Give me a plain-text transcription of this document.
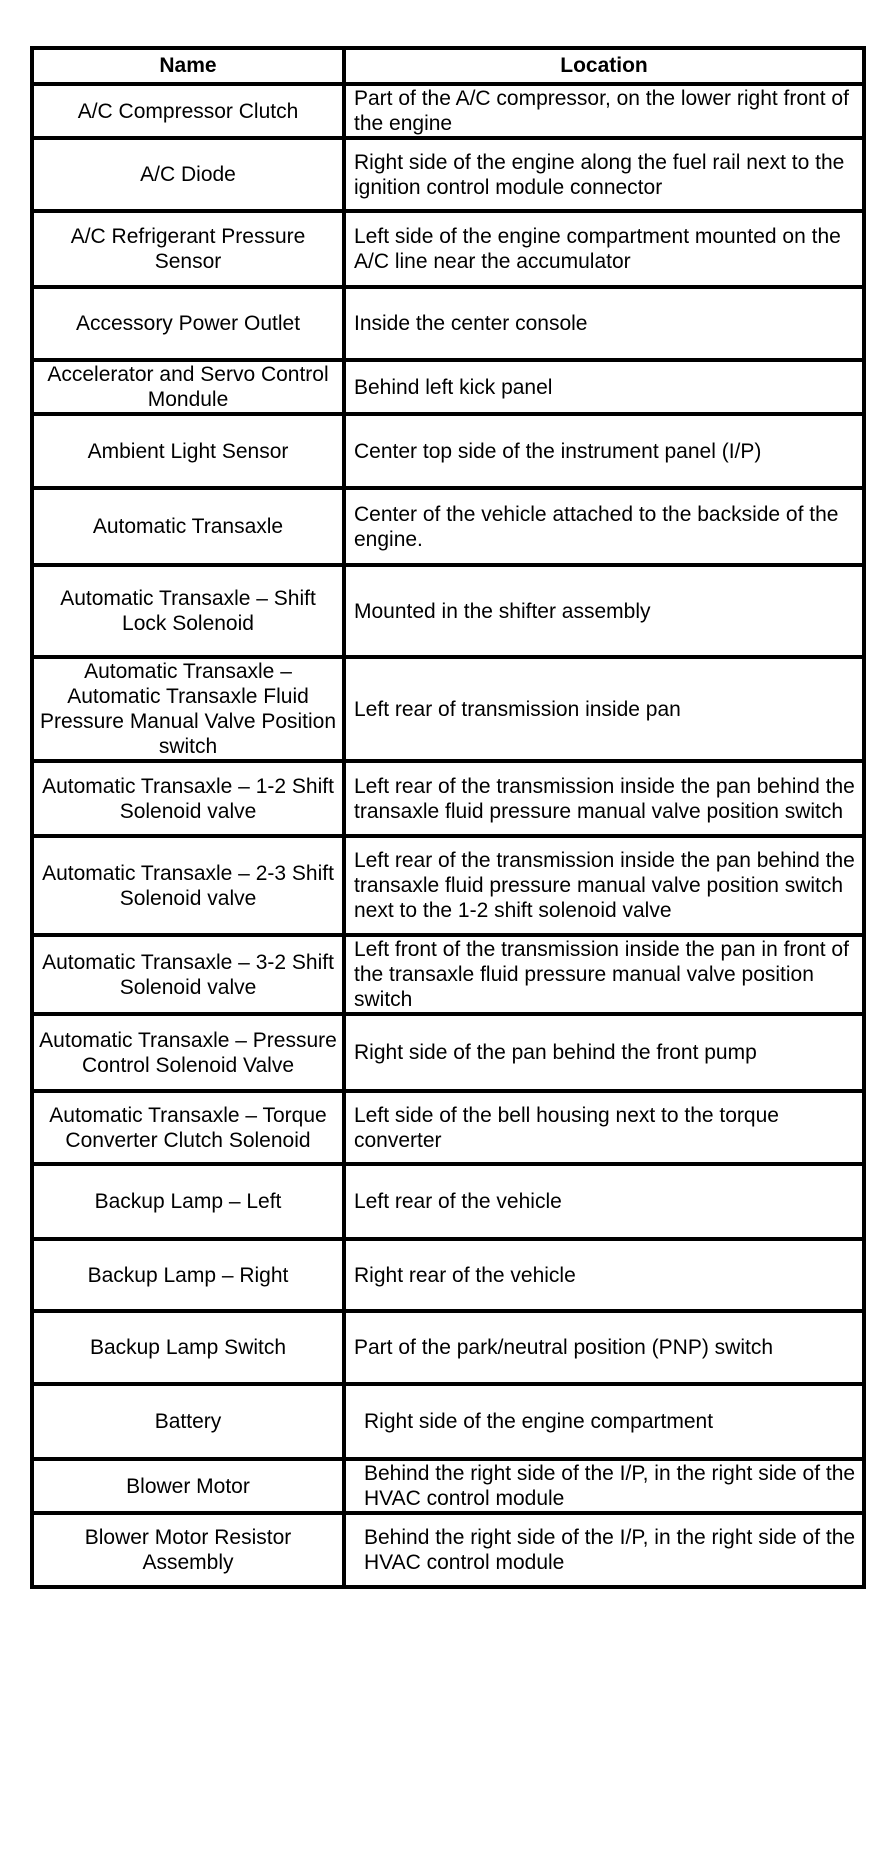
Name	Location
A/C Compressor Clutch	Part of the A/C compressor, on the lower right front of the engine
A/C Diode	Right side of the engine along the fuel rail next to the ignition control module connector
A/C Refrigerant Pressure Sensor	Left side of the engine compartment mounted on the A/C line near the accumulator
Accessory Power Outlet	Inside the center console
Accelerator and Servo Control Mondule	Behind left kick panel
Ambient Light Sensor	Center top side of the instrument panel (I/P)
Automatic Transaxle	Center of the vehicle attached to the backside of the engine.
Automatic Transaxle – Shift Lock Solenoid	Mounted in the shifter assembly
Automatic Transaxle – Automatic Transaxle Fluid Pressure Manual Valve Position switch	Left rear of transmission inside pan
Automatic Transaxle – 1-2 Shift Solenoid valve	Left rear of the transmission inside the pan behind the transaxle fluid pressure manual valve position switch
Automatic Transaxle – 2-3 Shift Solenoid valve	Left rear of the transmission inside the pan behind the transaxle fluid pressure manual valve position switch next to the 1-2 shift solenoid valve
Automatic Transaxle – 3-2 Shift Solenoid valve	Left front of the transmission inside the pan in front of the transaxle fluid pressure manual valve position switch
Automatic Transaxle – Pressure Control Solenoid Valve	Right side of the pan behind the front pump
Automatic Transaxle – Torque Converter Clutch Solenoid	Left side of the bell housing next to the torque converter
Backup Lamp – Left	Left rear of the vehicle
Backup Lamp – Right	Right rear of the vehicle
Backup Lamp Switch	Part of the park/neutral position (PNP) switch
Battery	Right side of the engine compartment
Blower Motor	Behind the right side of the I/P, in the right side of the HVAC control module
Blower Motor Resistor Assembly	Behind the right side of the I/P, in the right side of the HVAC control module
